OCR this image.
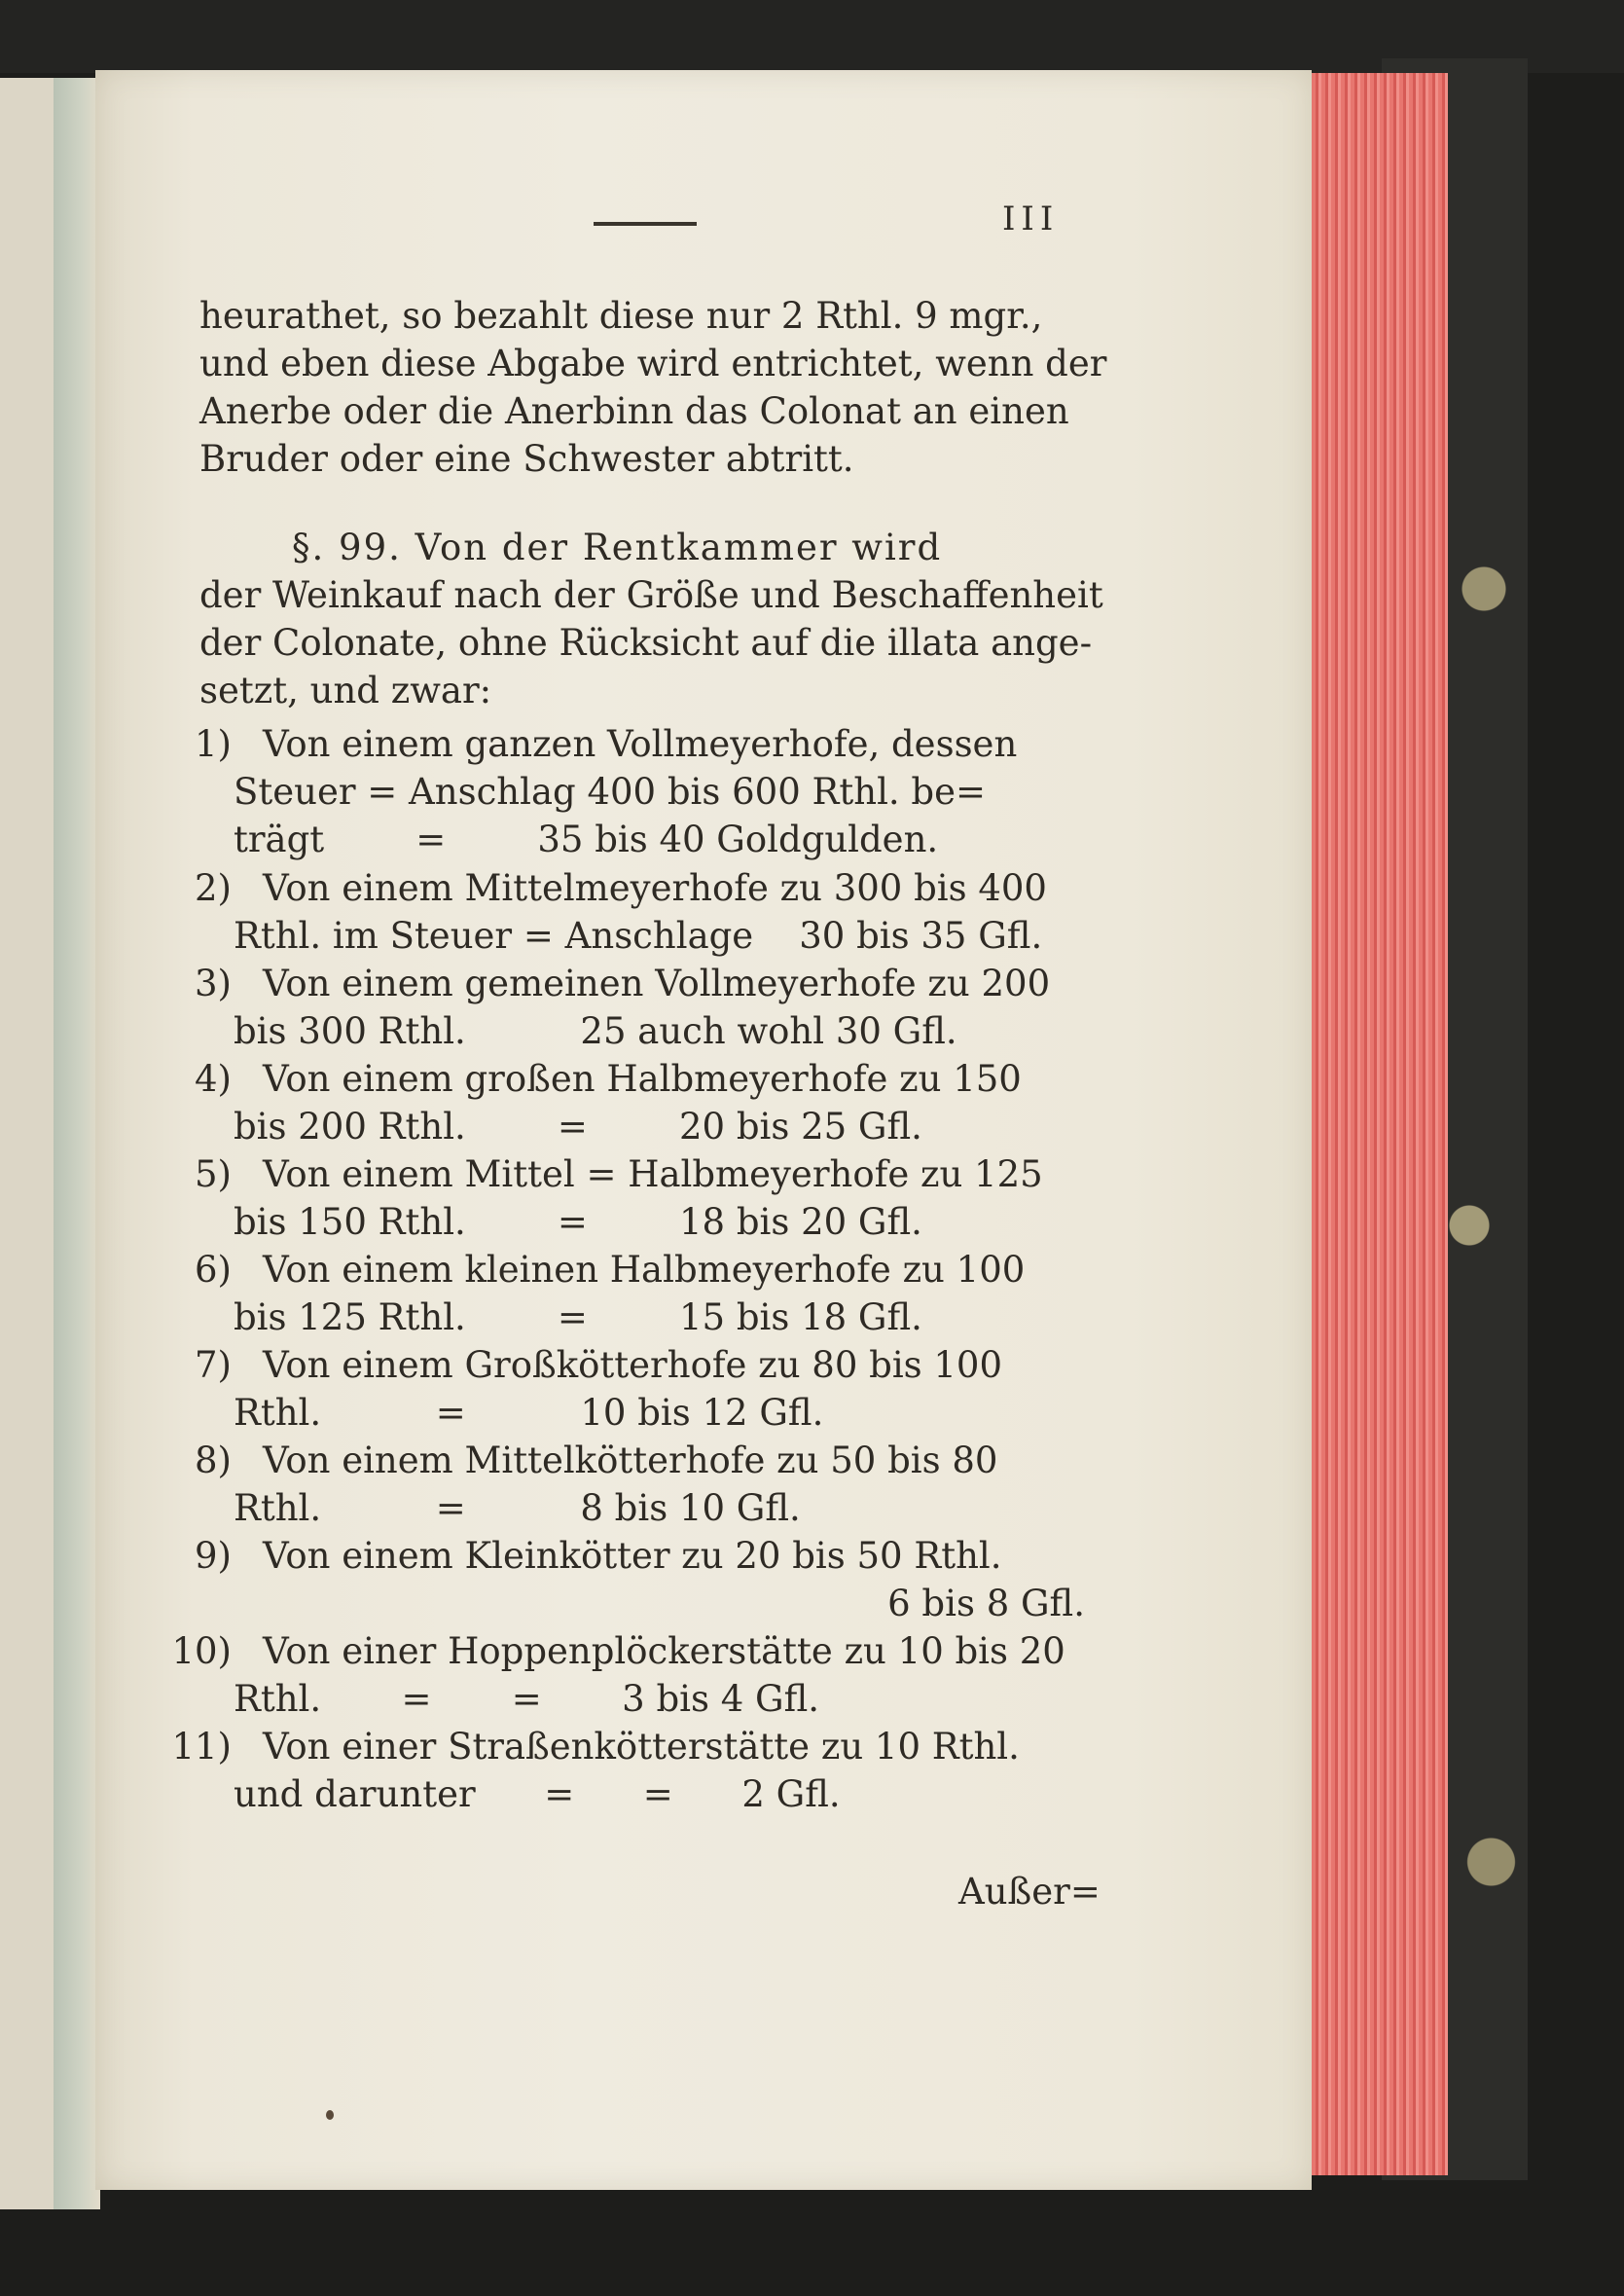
III
heurathet, so bezahlt diese nur 2 Rthl. 9 mgr.,
und eben diese Abgabe wird entrichtet, wenn der
Anerbe oder die Anerbinn das Colonat an einen
Bruder oder eine Schwester abtritt.
§. 99. Von der Rentkammer wird
der Weinkauf nach der Größe und Beschaffenheit
der Colonate, ohne Rücksicht auf die illata ange-
setzt, und zwar:
1) Von einem ganzen Vollmeyerhofe, dessen
Steuer = Anschlag 400 bis 600 Rthl. be=
trägt        =        35 bis 40 Goldgulden.
2) Von einem Mittelmeyerhofe zu 300 bis 400
Rthl. im Steuer = Anschlage    30 bis 35 Gfl.
3) Von einem gemeinen Vollmeyerhofe zu 200
bis 300 Rthl.          25 auch wohl 30 Gfl.
4) Von einem großen Halbmeyerhofe zu 150
bis 200 Rthl.        =        20 bis 25 Gfl.
5) Von einem Mittel = Halbmeyerhofe zu 125
bis 150 Rthl.        =        18 bis 20 Gfl.
6) Von einem kleinen Halbmeyerhofe zu 100
bis 125 Rthl.        =        15 bis 18 Gfl.
7) Von einem Großkötterhofe zu 80 bis 100
Rthl.          =          10 bis 12 Gfl.
8) Von einem Mittelkötterhofe zu 50 bis 80
Rthl.          =          8 bis 10 Gfl.
9) Von einem Kleinkötter zu 20 bis 50 Rthl.
6 bis 8 Gfl.
10) Von einer Hoppenplöckerstätte zu 10 bis 20
Rthl.       =       =       3 bis 4 Gfl.
11) Von einer Straßenkötterstätte zu 10 Rthl.
und darunter      =      =      2 Gfl.
Außer=
